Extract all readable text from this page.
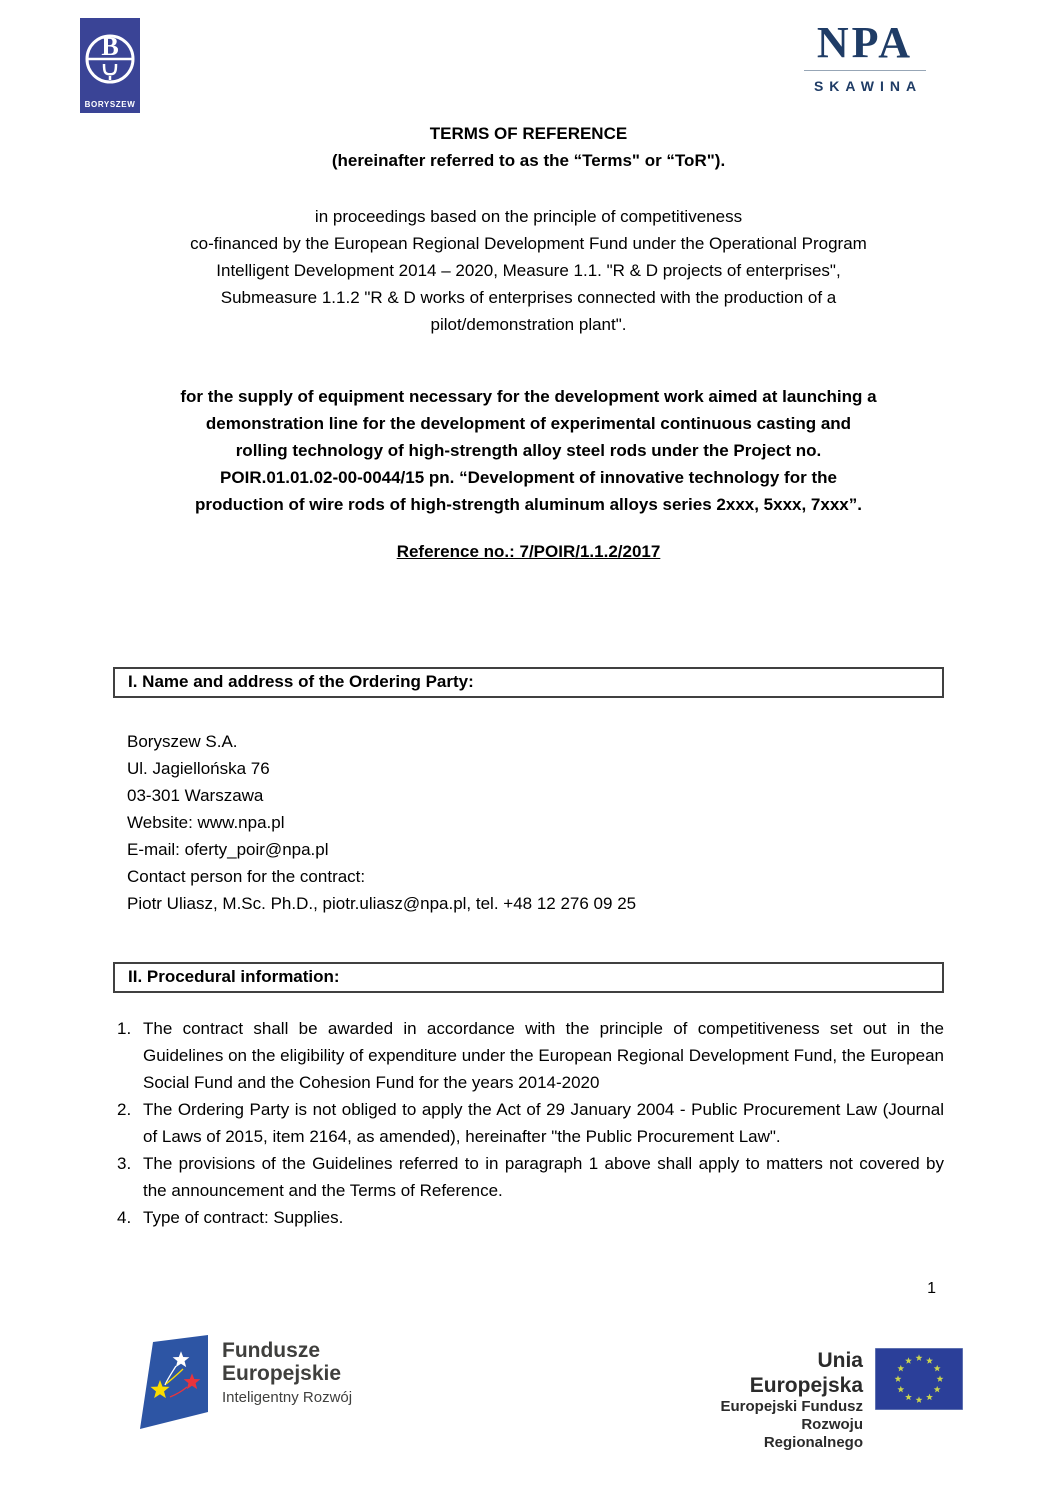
B
BORYSZEW
NPA
SKAWINA
TERMS OF REFERENCE
(hereinafter referred to as the “Terms" or “ToR").
in proceedings based on the principle of competitiveness
co-financed by the European Regional Development Fund under the Operational Program
Intelligent Development 2014 – 2020, Measure 1.1. "R & D projects of enterprises",
Submeasure 1.1.2 "R & D works of enterprises connected with the production of a
pilot/demonstration plant".
for the supply of equipment necessary for the development work aimed at launching a
demonstration line for the development of experimental continuous casting and
rolling technology of high-strength alloy steel rods under the Project no.
POIR.01.01.02-00-0044/15 pn. “Development of innovative technology for the
production of wire rods of high-strength aluminum alloys series 2xxx, 5xxx, 7xxx”.
Reference no.: 7/POIR/1.1.2/2017
I. Name and address of the Ordering Party:
Boryszew S.A.
Ul. Jagiellońska 76
03-301 Warszawa
Website: www.npa.pl
E-mail: oferty_poir@npa.pl
Contact person for the contract:
Piotr Uliasz, M.Sc. Ph.D., piotr.uliasz@npa.pl, tel. +48 12 276 09 25
II. Procedural information:
1. The contract shall be awarded in accordance with the principle of competitiveness set out in the Guidelines on the eligibility of expenditure under the European Regional Development Fund, the European Social Fund and the Cohesion Fund for the years 2014-2020
2. The Ordering Party is not obliged to apply the Act of 29 January 2004 - Public Procurement Law (Journal of Laws of 2015, item 2164, as amended), hereinafter "the Public Procurement Law".
3. The provisions of the Guidelines referred to in paragraph 1 above shall apply to matters not covered by the announcement and the Terms of Reference.
4. Type of contract: Supplies.
1
Fundusze
Europejskie
Inteligentny Rozwój
Unia Europejska
Europejski Fundusz
Rozwoju Regionalnego
